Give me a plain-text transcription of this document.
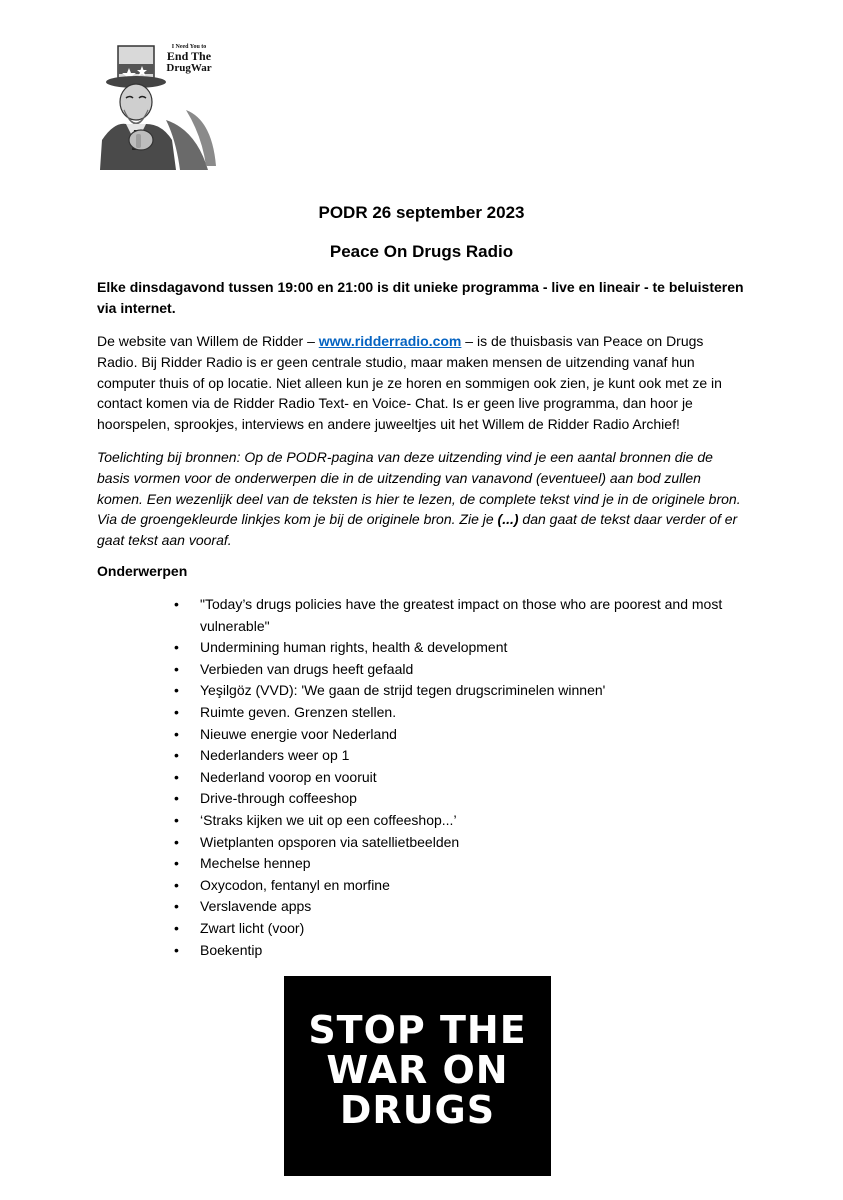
I Need You to
End The
DrugWar
PODR 26 september 2023
Peace On Drugs Radio

Elke dinsdagavond tussen 19:00 en 21:00 is dit unieke programma - live en lineair - te beluisteren via internet.

De website van Willem de Ridder – www.ridderradio.com – is de thuisbasis van Peace on Drugs Radio. Bij Ridder Radio is er geen centrale studio, maar maken mensen de uitzending vanaf hun computer thuis of op locatie. Niet alleen kun je ze horen en sommigen ook zien, je kunt ook met ze in contact komen via de Ridder Radio Text- en Voice- Chat. Is er geen live programma, dan hoor je hoorspelen, sprookjes, interviews en andere juweeltjes uit het Willem de Ridder Radio Archief!

Toelichting bij bronnen: Op de PODR-pagina van deze uitzending vind je een aantal bronnen die de basis vormen voor de onderwerpen die in de uitzending van vanavond (eventueel) aan bod zullen komen. Een wezenlijk deel van de teksten is hier te lezen, de complete tekst vind je in de originele bron. Via de groengekleurde linkjes kom je bij de originele bron. Zie je (...) dan gaat de tekst daar verder of er gaat tekst aan vooraf.

Onderwerpen

• "Today’s drugs policies have the greatest impact on those who are poorest and most vulnerable"
• Undermining human rights, health & development
• Verbieden van drugs heeft gefaald
• Yeşilgöz (VVD): 'We gaan de strijd tegen drugscriminelen winnen'
• Ruimte geven. Grenzen stellen.
• Nieuwe energie voor Nederland
• Nederlanders weer op 1
• Nederland voorop en vooruit
• Drive-through coffeeshop
• ‘Straks kijken we uit op een coffeeshop...’
• Wietplanten opsporen via satellietbeelden
• Mechelse hennep
• Oxycodon, fentanyl en morfine
• Verslavende apps
• Zwart licht (voor)
• Boekentip
STOP THE
WAR ON
DRUGS
